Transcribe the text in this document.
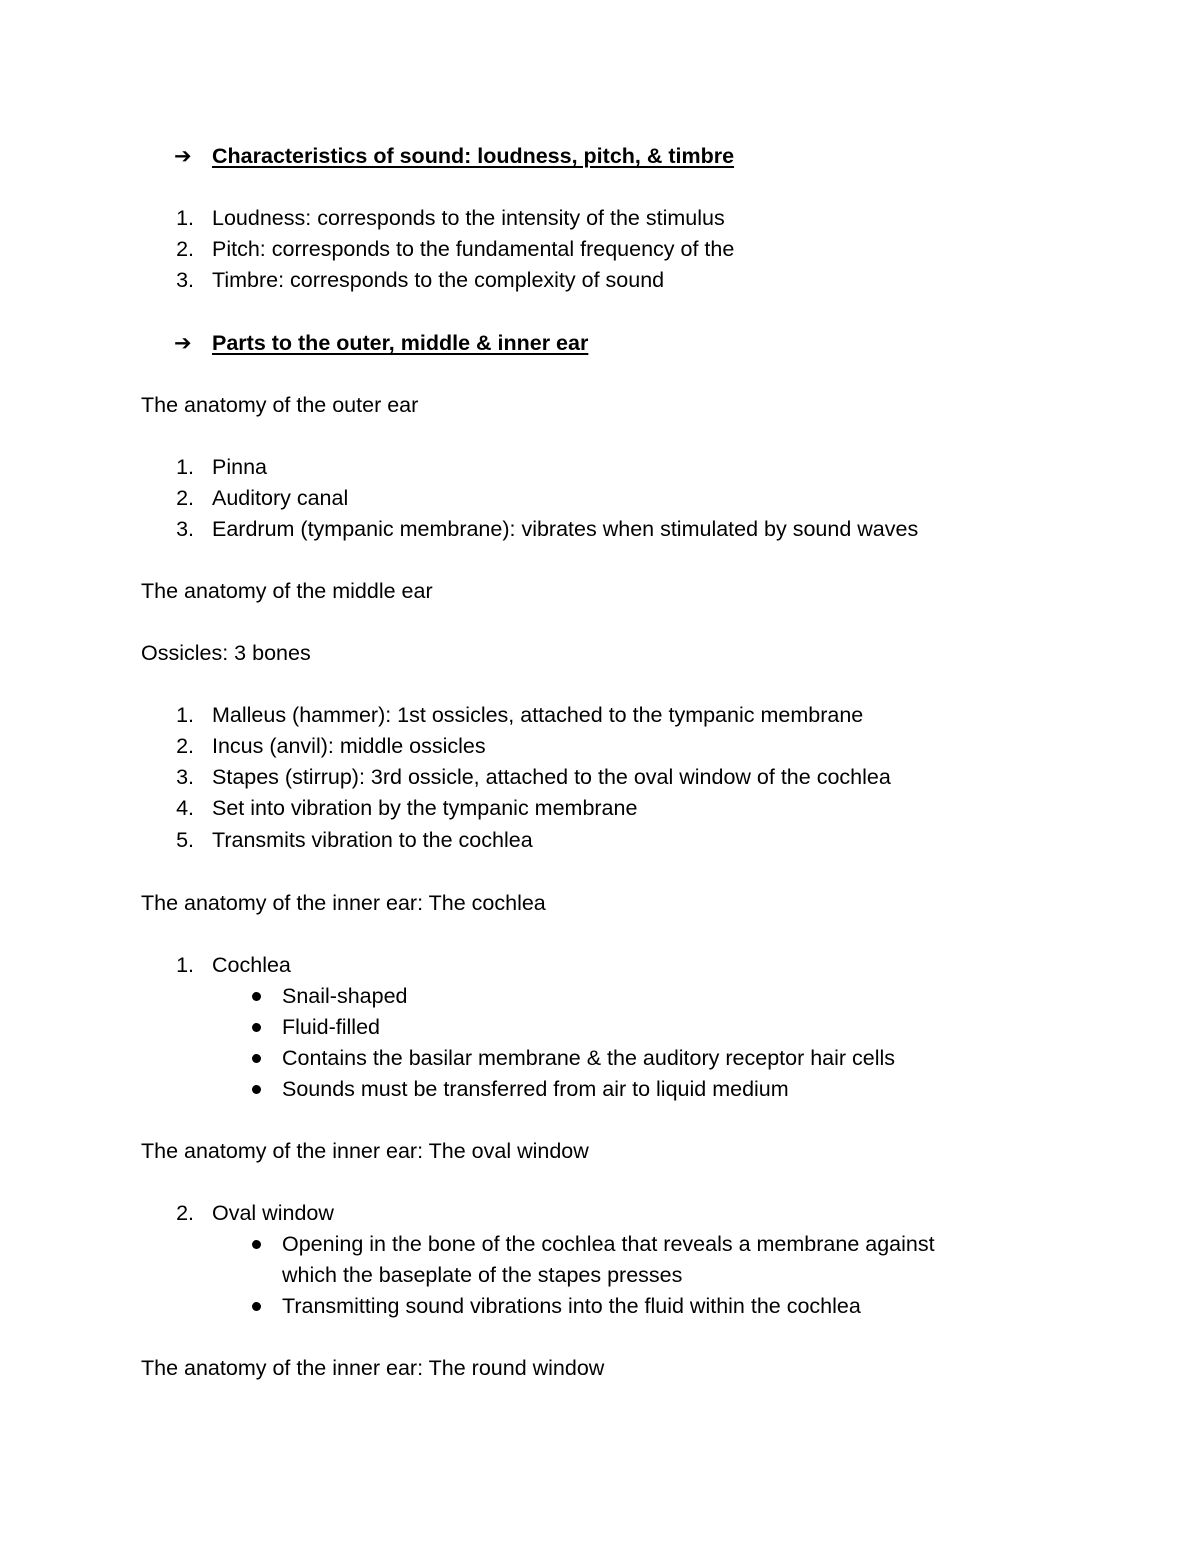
➔ Characteristics of sound: loudness, pitch, & timbre
1. Loudness: corresponds to the intensity of the stimulus
2. Pitch: corresponds to the fundamental frequency of the
3. Timbre: corresponds to the complexity of sound
➔ Parts to the outer, middle & inner ear
The anatomy of the outer ear
1. Pinna
2. Auditory canal
3. Eardrum (tympanic membrane): vibrates when stimulated by sound waves
The anatomy of the middle ear
Ossicles: 3 bones
1. Malleus (hammer): 1st ossicles, attached to the tympanic membrane
2. Incus (anvil): middle ossicles
3. Stapes (stirrup): 3rd ossicle, attached to the oval window of the cochlea
4. Set into vibration by the tympanic membrane
5. Transmits vibration to the cochlea
The anatomy of the inner ear: The cochlea
1. Cochlea
Snail-shaped
Fluid-filled
Contains the basilar membrane & the auditory receptor hair cells
Sounds must be transferred from air to liquid medium
The anatomy of the inner ear: The oval window
2. Oval window
Opening in the bone of the cochlea that reveals a membrane against
which the baseplate of the stapes presses
Transmitting sound vibrations into the fluid within the cochlea
The anatomy of the inner ear: The round window
